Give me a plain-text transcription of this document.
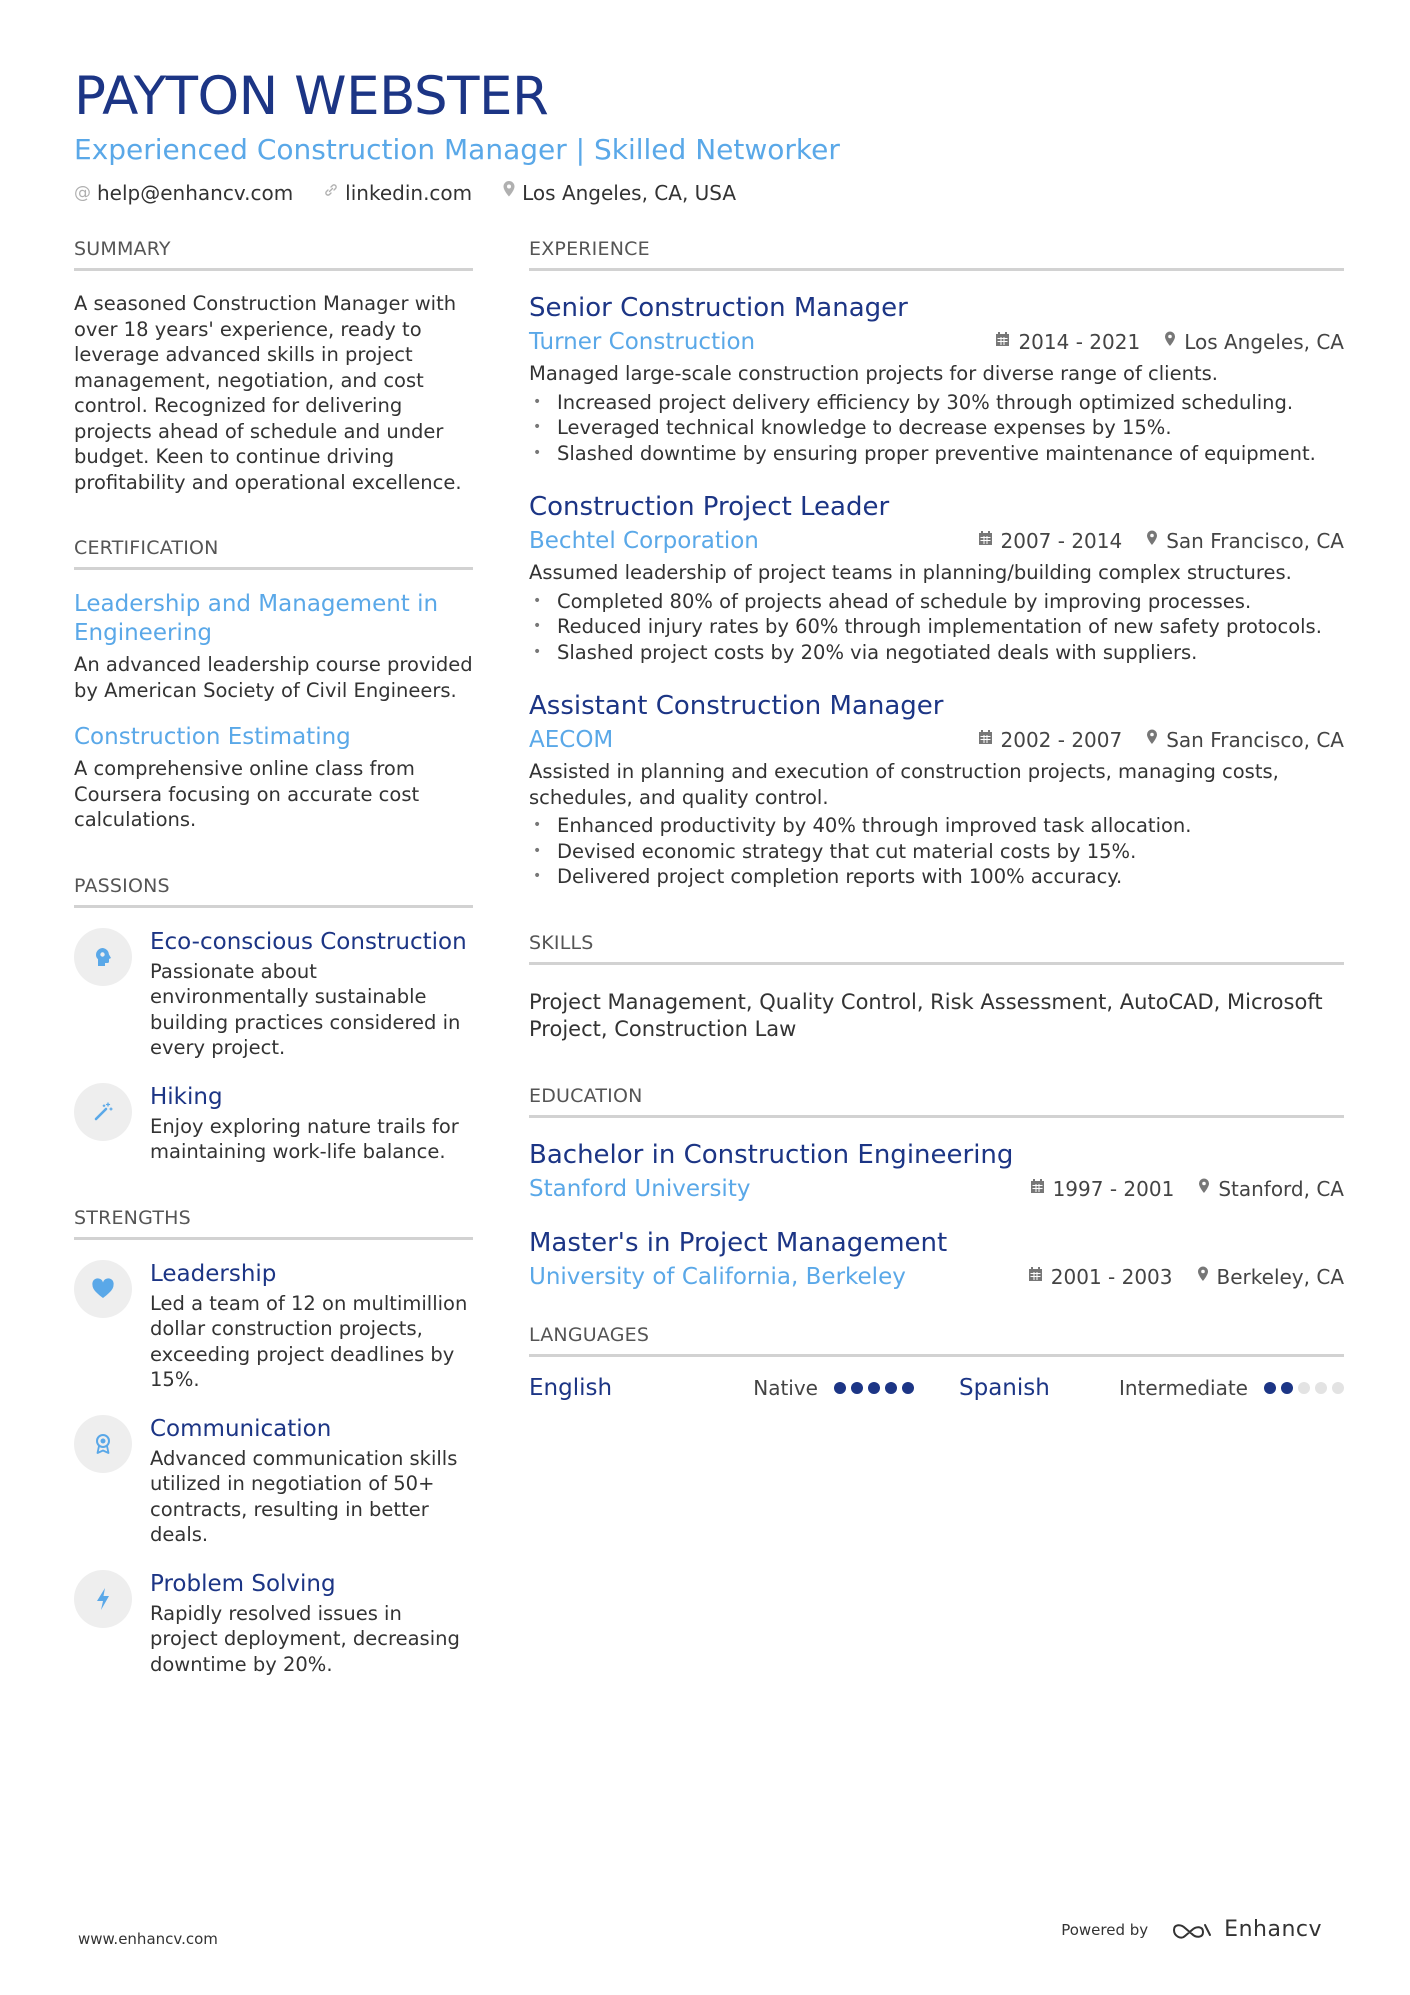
PAYTON WEBSTER
Experienced Construction Manager | Skilled Networker
@ help@enhancv.com	linkedin.com	Los Angeles, CA, USA
SUMMARY
A seasoned Construction Manager with over 18 years' experience, ready to leverage advanced skills in project management, negotiation, and cost control. Recognized for delivering projects ahead of schedule and under budget. Keen to continue driving profitability and operational excellence.
CERTIFICATION
Leadership and Management in Engineering
An advanced leadership course provided by American Society of Civil Engineers.
Construction Estimating
A comprehensive online class from Coursera focusing on accurate cost calculations.
PASSIONS
Eco-conscious Construction
Passionate about environmentally sustainable building practices considered in every project.
Hiking
Enjoy exploring nature trails for maintaining work-life balance.
STRENGTHS
Leadership
Led a team of 12 on multimillion dollar construction projects, exceeding project deadlines by 15%.
Communication
Advanced communication skills utilized in negotiation of 50+ contracts, resulting in better deals.
Problem Solving
Rapidly resolved issues in project deployment, decreasing downtime by 20%.
EXPERIENCE
Senior Construction Manager
Turner Construction	2014 - 2021 Los Angeles, CA
Managed large-scale construction projects for diverse range of clients.
• Increased project delivery efficiency by 30% through optimized scheduling.
• Leveraged technical knowledge to decrease expenses by 15%.
• Slashed downtime by ensuring proper preventive maintenance of equipment.
Construction Project Leader
Bechtel Corporation	2007 - 2014 San Francisco, CA
Assumed leadership of project teams in planning/building complex structures.
• Completed 80% of projects ahead of schedule by improving processes.
• Reduced injury rates by 60% through implementation of new safety protocols.
• Slashed project costs by 20% via negotiated deals with suppliers.
Assistant Construction Manager
AECOM	2002 - 2007 San Francisco, CA
Assisted in planning and execution of construction projects, managing costs, schedules, and quality control.
• Enhanced productivity by 40% through improved task allocation.
• Devised economic strategy that cut material costs by 15%.
• Delivered project completion reports with 100% accuracy.
SKILLS
Project Management, Quality Control, Risk Assessment, AutoCAD, Microsoft Project, Construction Law
EDUCATION
Bachelor in Construction Engineering
Stanford University	1997 - 2001 Stanford, CA
Master's in Project Management
University of California, Berkeley	2001 - 2003 Berkeley, CA
LANGUAGES
English	Native	Spanish	Intermediate
www.enhancv.com
Powered by	Enhancv
